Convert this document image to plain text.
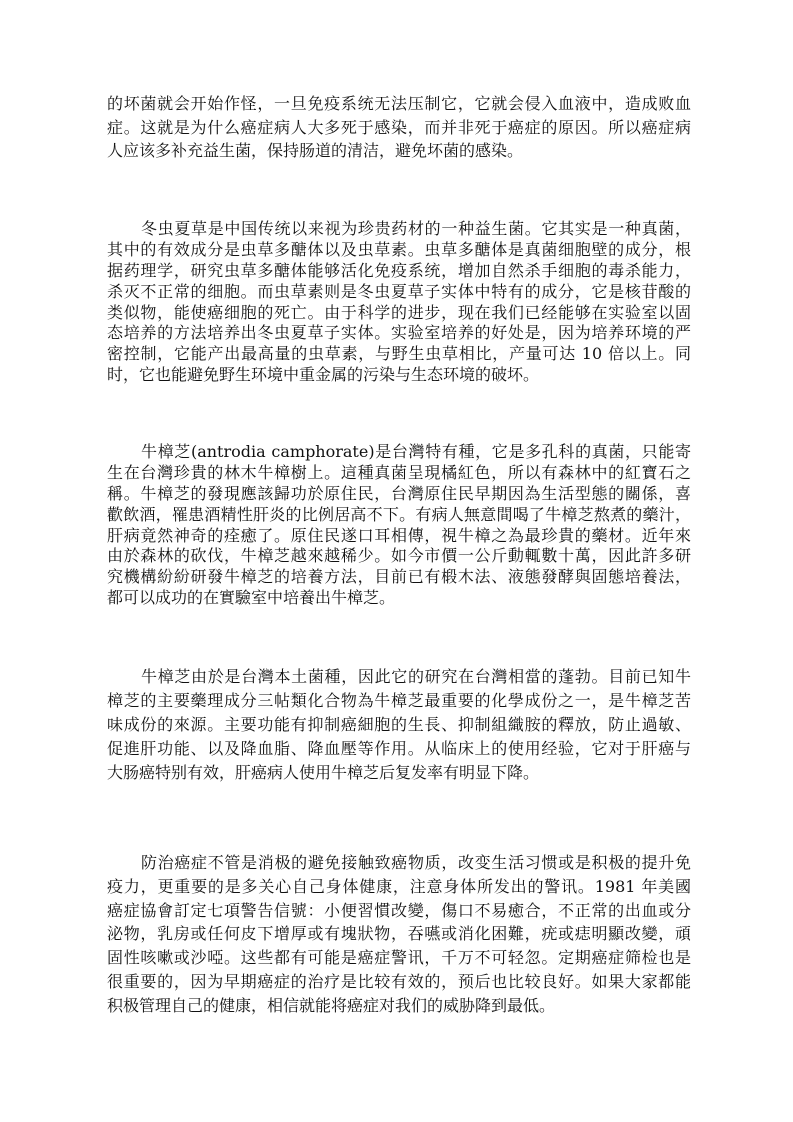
的坏菌就会开始作怪，一旦免疫系统无法压制它，它就会侵入血液中，造成败血
症。这就是为什么癌症病人大多死于感染，而并非死于癌症的原因。所以癌症病
人应该多补充益生菌，保持肠道的清洁，避免坏菌的感染。
冬虫夏草是中国传统以来视为珍贵药材的一种益生菌。它其实是一种真菌，
其中的有效成分是虫草多醣体以及虫草素。虫草多醣体是真菌细胞壁的成分，根
据药理学，研究虫草多醣体能够活化免疫系统，增加自然杀手细胞的毒杀能力，
杀灭不正常的细胞。而虫草素则是冬虫夏草子实体中特有的成分，它是核苷酸的
类似物，能使癌细胞的死亡。由于科学的进步，现在我们已经能够在实验室以固
态培养的方法培养出冬虫夏草子实体。实验室培养的好处是，因为培养环境的严
密控制，它能产出最高量的虫草素，与野生虫草相比，产量可达 10 倍以上。同
时，它也能避免野生环境中重金属的污染与生态环境的破坏。
牛樟芝(antrodia camphorate)是台灣特有種，它是多孔科的真菌，只能寄
生在台灣珍貴的林木牛樟樹上。這種真菌呈現橘紅色，所以有森林中的紅寶石之
稱。牛樟芝的發現應該歸功於原住民，台灣原住民早期因為生活型態的關係，喜
歡飲酒，罹患酒精性肝炎的比例居高不下。有病人無意間喝了牛樟芝熬煮的藥汁，
肝病竟然神奇的痊癒了。原住民遂口耳相傳，視牛樟之為最珍貴的藥材。近年來
由於森林的砍伐，牛樟芝越來越稀少。如今市價一公斤動輒數十萬，因此許多研
究機構紛紛研發牛樟芝的培養方法，目前已有椴木法、液態發酵與固態培養法，
都可以成功的在實驗室中培養出牛樟芝。
牛樟芝由於是台灣本土菌種，因此它的研究在台灣相當的蓬勃。目前已知牛
樟芝的主要藥理成分三帖類化合物為牛樟芝最重要的化學成份之一，是牛樟芝苦
味成份的來源。主要功能有抑制癌細胞的生長、抑制組織胺的釋放，防止過敏、
促進肝功能、以及降血脂、降血壓等作用。从临床上的使用经验，它对于肝癌与
大肠癌特别有效，肝癌病人使用牛樟芝后复发率有明显下降。
防治癌症不管是消极的避免接触致癌物质，改变生活习惯或是积极的提升免
疫力，更重要的是多关心自己身体健康，注意身体所发出的警讯。1981 年美國
癌症協會訂定七項警告信號：小便習慣改變，傷口不易癒合，不正常的出血或分
泌物，乳房或任何皮下增厚或有塊狀物，吞嚥或消化困難，疣或痣明顯改變，頑
固性咳嗽或沙啞。这些都有可能是癌症警讯，千万不可轻忽。定期癌症筛检也是
很重要的，因为早期癌症的治疗是比较有效的，预后也比较良好。如果大家都能
积极管理自己的健康，相信就能将癌症对我们的威胁降到最低。
